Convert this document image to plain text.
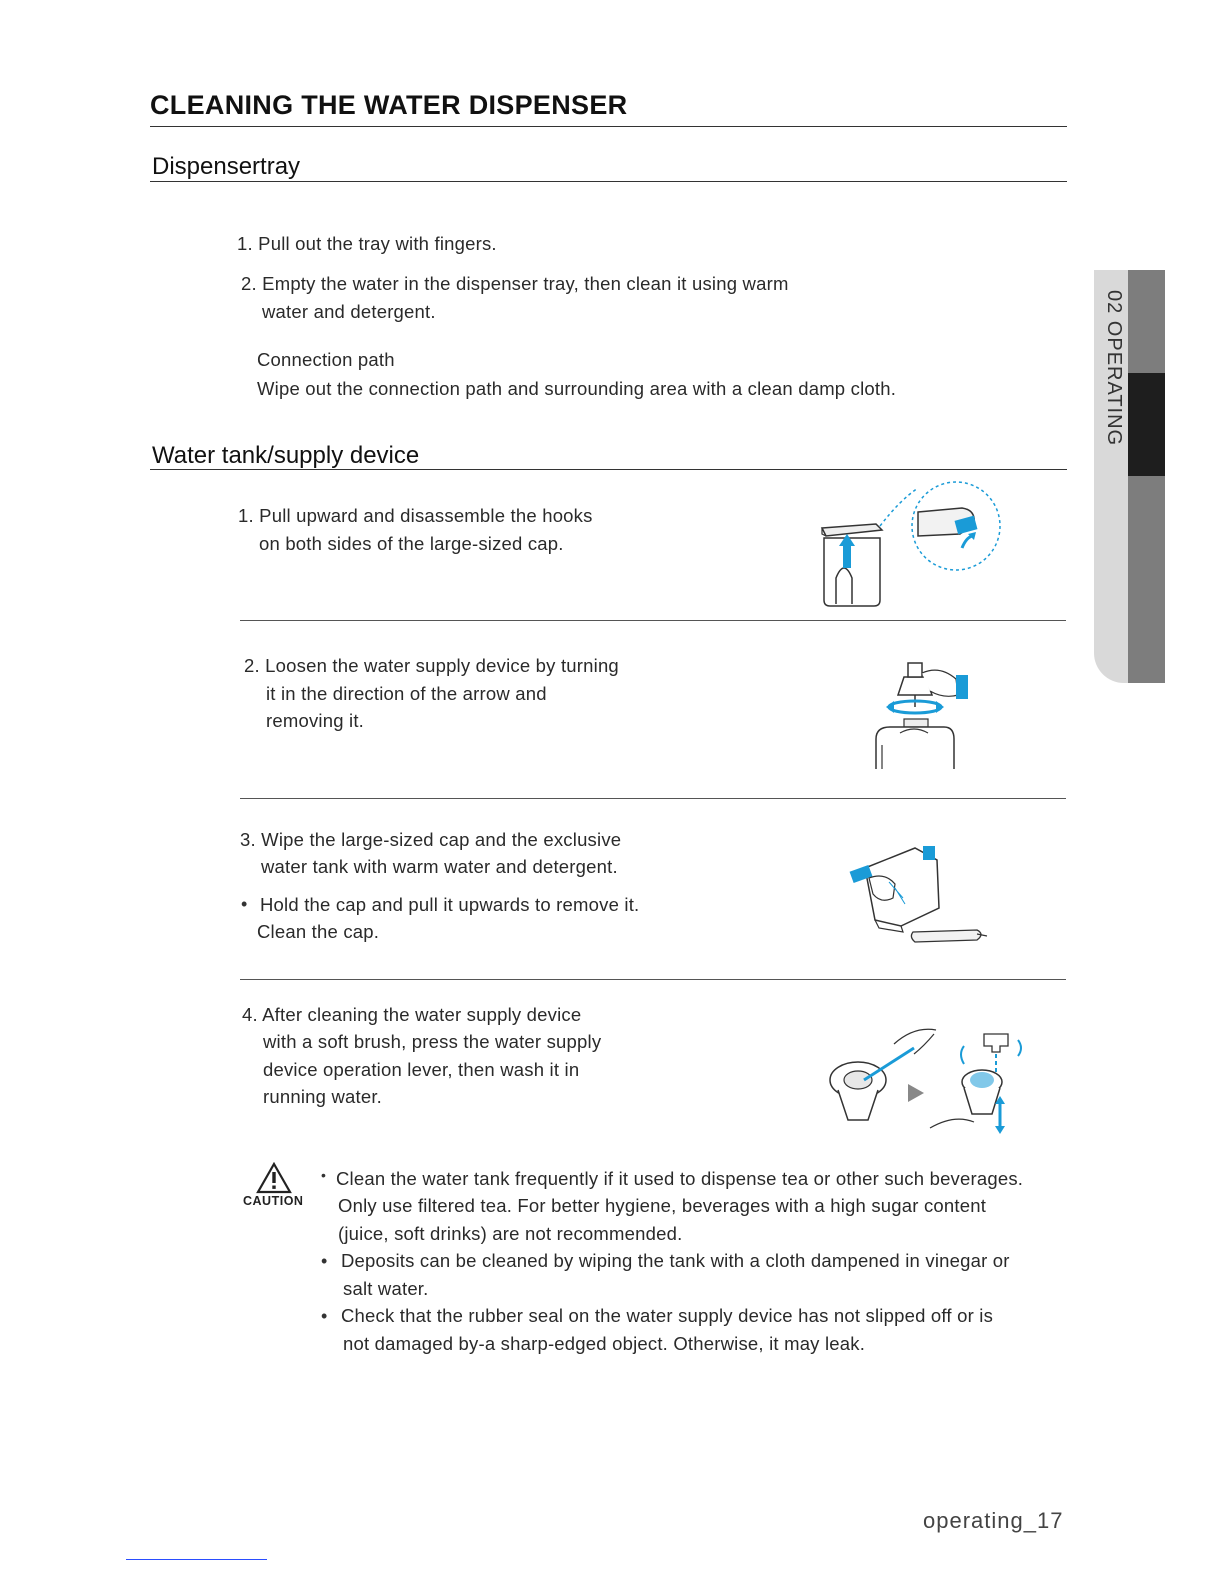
CLEANING THE WATER DISPENSER
02 OPERATING
Dispensertray
1. Pull out the tray with fingers.
2. Empty the water in the dispenser tray, then clean it using warm
water and detergent.
Connection path
Wipe out the connection path and surrounding area with a clean damp cloth.
Water tank/supply device
1. Pull upward and disassemble the hooks
on both sides of the large-sized cap.
2. Loosen the water supply device by turning
it in the direction of the arrow and
removing it.
3. Wipe the large-sized cap and the exclusive
water tank with warm water and detergent.
• Hold the cap and pull it upwards to remove it.
Clean the cap.
4. After cleaning the water supply device
with a soft brush, press the water supply
device operation lever, then wash it in
running water.
CAUTION
• Clean the water tank frequently if it used to dispense tea or other such beverages.
Only use filtered tea. For better hygiene, beverages with a high sugar content
(juice, soft drinks) are not recommended.
• Deposits can be cleaned by wiping the tank with a cloth dampened in vinegar or
salt water.
• Check that the rubber seal on the water supply device has not slipped off or is
not damaged by-a sharp-edged object. Otherwise, it may leak.
operating_17
